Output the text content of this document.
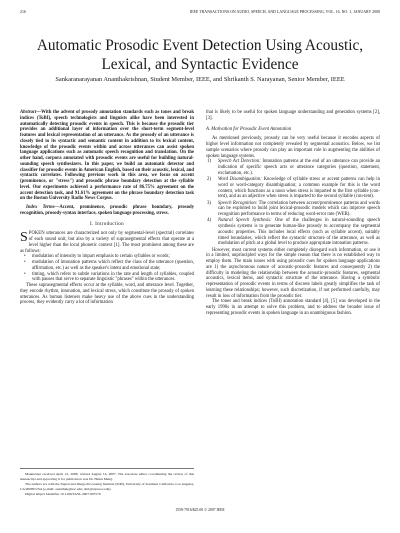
216	IEEE TRANSACTIONS ON AUDIO, SPEECH, AND LANGUAGE PROCESSING, VOL. 16, NO. 1, JANUARY 2008
Automatic Prosodic Event Detection Using Acoustic, Lexical, and Syntactic Evidence
Sankaranarayanan Ananthakrishnan, Student Member, IEEE, and Shrikanth S. Narayanan, Senior Member, IEEE

Abstract—With the advent of prosody annotation standards such as tones and break indices (ToBI), speech technologists and linguists alike have been interested in automatically detecting prosodic events in speech. This is because the prosodic tier provides an additional layer of information over the short-term segment-level features and lexical representation of an utterance. As the prosody of an utterance is closely tied to its syntactic and semantic content in addition to its lexical content, knowledge of the prosodic events within and across utterances can assist spoken language applications such as automatic speech recognition and translation. On the other hand, corpora annotated with prosodic events are useful for building natural-sounding speech synthesizers. In this paper, we build an automatic detector and classifier for prosodic events in American English, based on their acoustic, lexical, and syntactic correlates. Following previous work in this area, we focus on accent (prominence, or "stress") and prosodic phrase boundary detection at the syllable level. Our experiments achieved a performance rate of 86.75% agreement on the accent detection task, and 91.61% agreement on the phrase boundary detection task on the Boston University Radio News Corpus.

Index Terms—Accent, prominence, prosodic phrase boundary, prosody recognition, prosody-syntax interface, spoken language processing, stress.

I. Introduction

SPOKEN utterances are characterized not only by segmental-level (spectral) correlates of each sound unit, but also by a variety of suprasegmental effects that operate at a level higher than the local phonetic context [1]. The most prominent among these are as follows:

• modulation of intensity to impart emphasis to certain syllables or words;
• modulation of intonation patterns which reflect the class of the utterance (question, affirmation, etc.) as well as the speaker's intent and emotional state;
• timing, which refers to subtle variations in the rate and length of syllables, coupled with pauses that serve to separate linguistic "phrases" within the utterances.

These suprasegmental effects occur at the syllable, word, and utterance level. Together, they encode rhythm, intonation, and lexical stress, which constitute the prosody of spoken utterances. As human listeners make heavy use of the above cues in the understanding process, they evidently carry a lot of information

Manuscript received April 12, 2006; revised August 14, 2007. The associate editor coordinating the review of this manuscript and approving it for publication was Dr. Helen Meng.

The authors are with the Signal and Image Processing Institute (SIPI), University of Southern California, Los Angeles, CA 90089 USA (e-mail: ananthak@usc.edu; shri@sipi.usc.edu).

Digital Object Identifier 10.1109/TASL.2007.907570

that is likely to be useful for spoken language understanding and generation systems [2], [3].

A. Motivation for Prosodic Event Annotation

As mentioned previously, prosody can be very useful because it encodes aspects of higher level information not completely revealed by segmental acoustics. Below, we list sample scenarios where prosody can play an important role in augmenting the abilities of spoken language systems.

1) Speech Act Detection: Intonation patterns at the end of an utterance can provide an indication of specific speech acts or utterance categories (question, statement, exclamation, etc.).
2) Word Disambiguation: Knowledge of syllable stress or accent patterns can help in word or word-category disambiguation; a common example for this is the word content, which functions as a noun when stress is imparted to the first syllable (con-tent), and as an adjective when stress is imparted to the second syllable (con-tent).
3) Speech Recognition: The correlation between accent/prominence patterns and words can be exploited to build joint lexical-prosodic models which can improve speech recognition performance in terms of reducing word-error rate (WER).
4) Natural Speech Synthesis: One of the challenges in natural-sounding speech synthesis systems is to generate human-like prosody to accompany the segmental acoustic properties. This includes local effects (such as syllable accent), suitably timed boundaries, which reflect the syntactic structure of the utterance, as well as modulation of pitch at a global level to produce appropriate intonation patterns.

However, most current systems either completely disregard such information, or use it in a limited, unprincipled ways for the simple reason that there is no established way to employ them. The main issues with using prosodic cues for spoken language applications are 1) the asynchronous nature of acoustic-prosodic features and consequently 2) the difficulty in modeling the relationship between the acoustic-prosodic features, segmental acoustics, lexical items, and syntactic structure of the utterance. Having a symbolic representation of prosodic events in terms of discrete labels greatly simplifies the task of learning these relationships; however, such discretization, if not performed carefully, may result in loss of information from the prosodic tier.

The tones and break indices (ToBI) annotation standard [4], [5] was developed in the early 1990s in an attempt to solve this problem, and to address the broader issue of representing prosodic events in spoken language in an unambiguous fashion.

1558-7916/$25.00 © 2007 IEEE
